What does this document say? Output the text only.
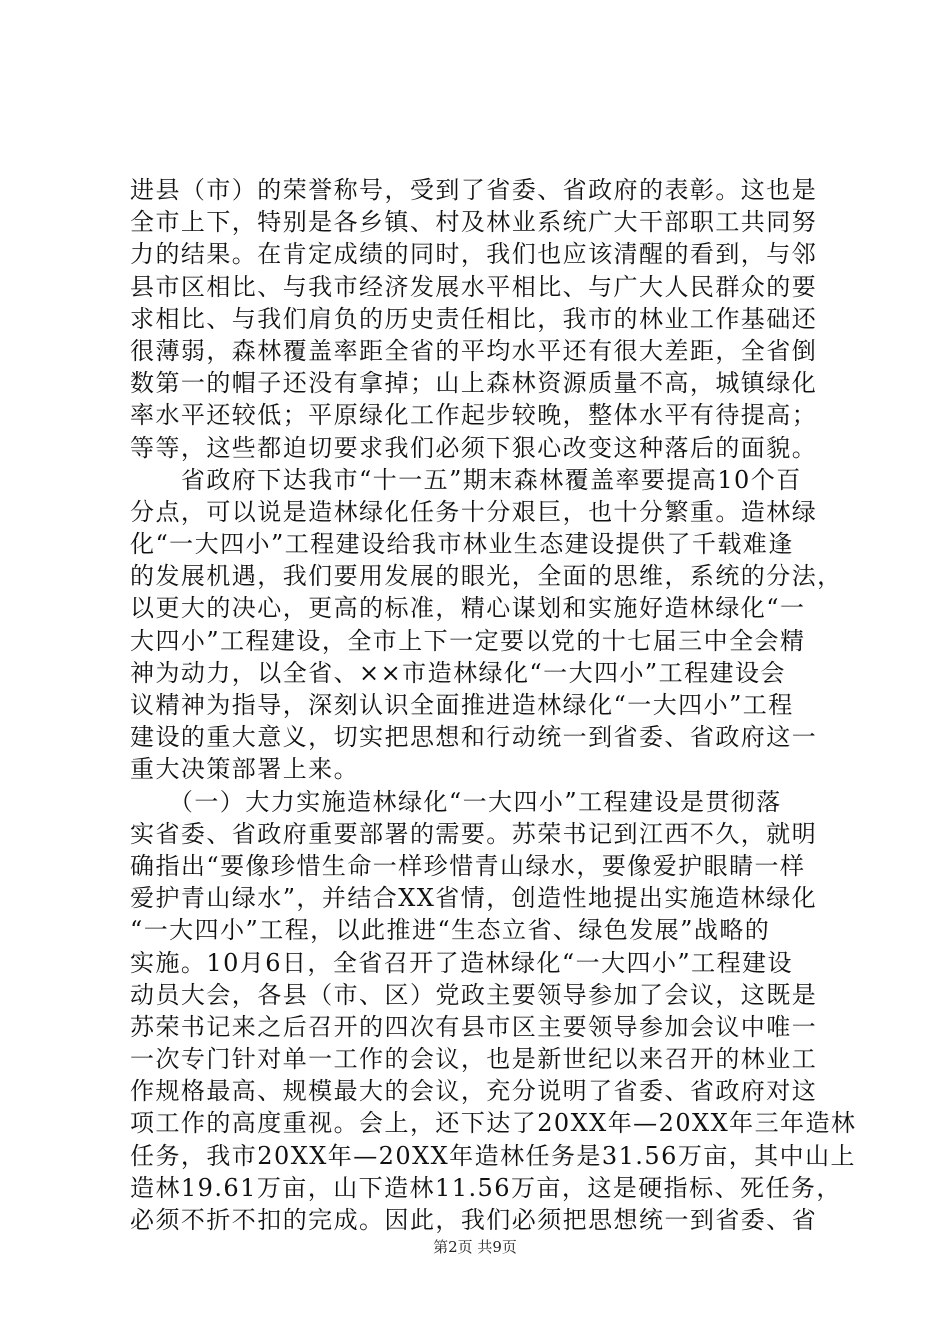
进县（市）的荣誉称号，受到了省委、省政府的表彰。这也是
全市上下，特别是各乡镇、村及林业系统广大干部职工共同努
力的结果。在肯定成绩的同时，我们也应该清醒的看到，与邻
县市区相比、与我市经济发展水平相比、与广大人民群众的要
求相比、与我们肩负的历史责任相比，我市的林业工作基础还
很薄弱，森林覆盖率距全省的平均水平还有很大差距，全省倒
数第一的帽子还没有拿掉；山上森林资源质量不高，城镇绿化
率水平还较低；平原绿化工作起步较晚，整体水平有待提高；
等等，这些都迫切要求我们必须下狠心改变这种落后的面貌。
　　省政府下达我市“十一五”期末森林覆盖率要提高10个百
分点，可以说是造林绿化任务十分艰巨，也十分繁重。造林绿
化“一大四小”工程建设给我市林业生态建设提供了千载难逢
的发展机遇，我们要用发展的眼光，全面的思维，系统的分法，
以更大的决心，更高的标准，精心谋划和实施好造林绿化“一
大四小”工程建设，全市上下一定要以党的十七届三中全会精
神为动力，以全省、××市造林绿化“一大四小”工程建设会
议精神为指导，深刻认识全面推进造林绿化“一大四小”工程
建设的重大意义，切实把思想和行动统一到省委、省政府这一
重大决策部署上来。
　　（一）大力实施造林绿化“一大四小”工程建设是贯彻落
实省委、省政府重要部署的需要。苏荣书记到江西不久，就明
确指出“要像珍惜生命一样珍惜青山绿水，要像爱护眼睛一样
爱护青山绿水”，并结合XX省情，创造性地提出实施造林绿化
“一大四小”工程，以此推进“生态立省、绿色发展”战略的
实施。10月6日，全省召开了造林绿化“一大四小”工程建设
动员大会，各县（市、区）党政主要领导参加了会议，这既是
苏荣书记来之后召开的四次有县市区主要领导参加会议中唯一
一次专门针对单一工作的会议，也是新世纪以来召开的林业工
作规格最高、规模最大的会议，充分说明了省委、省政府对这
项工作的高度重视。会上，还下达了20XX年—20XX年三年造林
任务，我市20XX年—20XX年造林任务是31.56万亩，其中山上
造林19.61万亩，山下造林11.56万亩，这是硬指标、死任务，
必须不折不扣的完成。因此，我们必须把思想统一到省委、省
第2页 共9页
